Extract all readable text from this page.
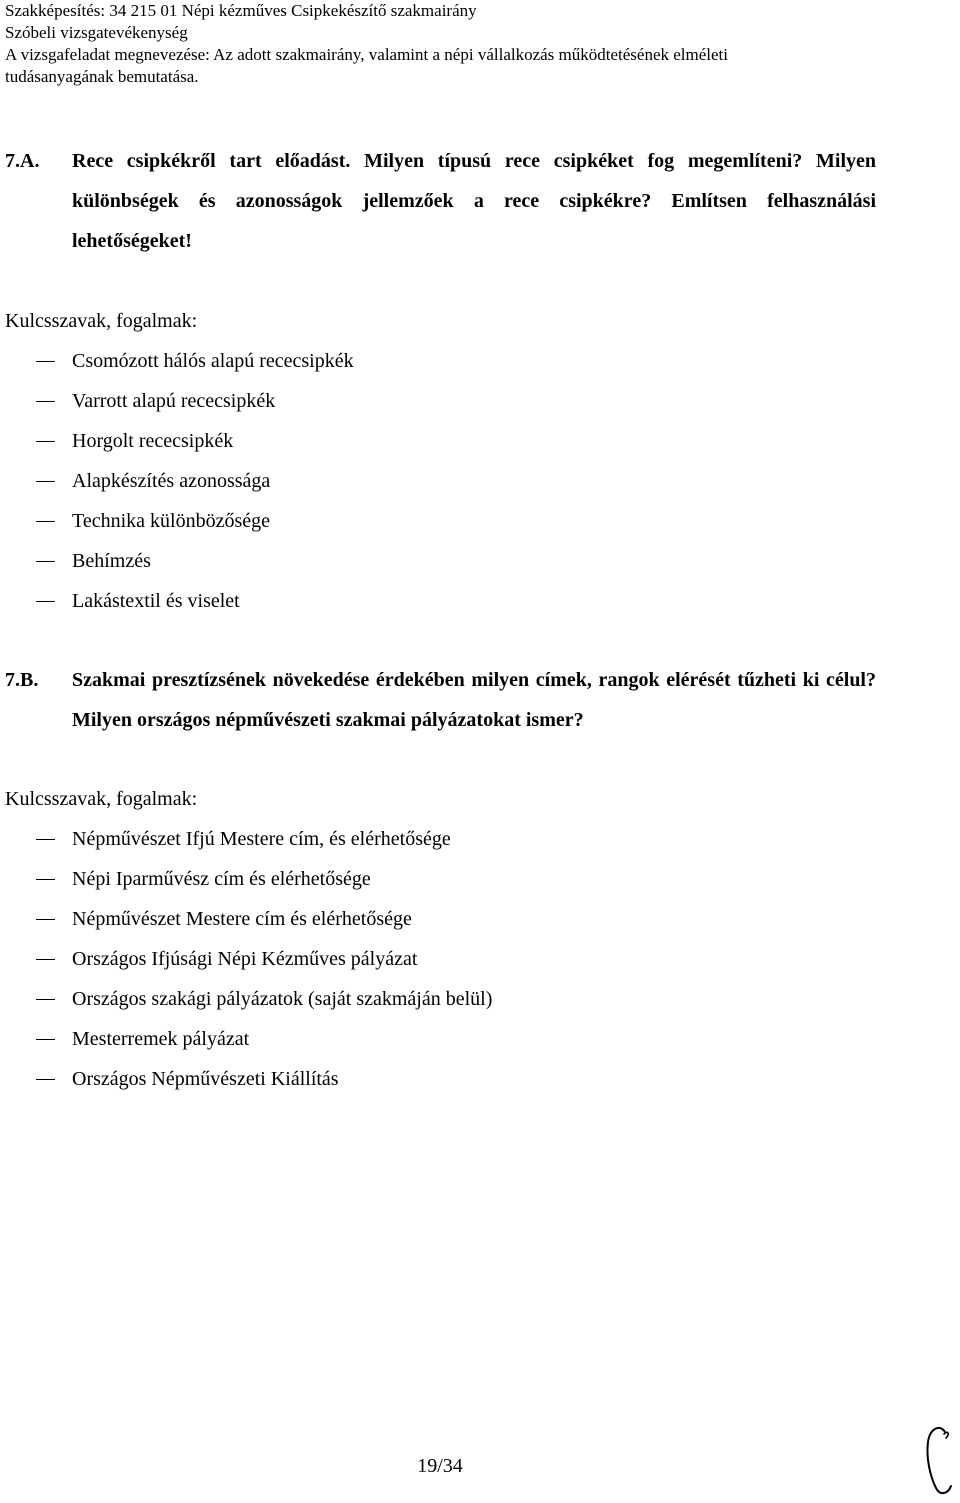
Szakképesítés: 34 215 01 Népi kézműves Csipkekészítő szakmairány
Szóbeli vizsgatevékenység
A vizsgafeladat megnevezése: Az adott szakmairány, valamint a népi vállalkozás működtetésének elméleti
tudásanyagának bemutatása.
7.A. Rece csipkékről tart előadást. Milyen típusú rece csipkéket fog megemlíteni? Milyen különbségek és azonosságok jellemzőek a rece csipkékre? Említsen felhasználási lehetőségeket!
Kulcsszavak, fogalmak:
Csomózott hálós alapú rececsipkék
Varrott alapú rececsipkék
Horgolt rececsipkék
Alapkészítés azonossága
Technika különbözősége
Behímzés
Lakástextil és viselet
7.B. Szakmai presztízsének növekedése érdekében milyen címek, rangok elérését tűzheti ki célul? Milyen országos népművészeti szakmai pályázatokat ismer?
Kulcsszavak, fogalmak:
Népművészet Ifjú Mestere cím, és elérhetősége
Népi Iparművész cím és elérhetősége
Népművészet Mestere cím és elérhetősége
Országos Ifjúsági Népi Kézműves pályázat
Országos szakági pályázatok (saját szakmáján belül)
Mesterremek pályázat
Országos Népművészeti Kiállítás
19/34
